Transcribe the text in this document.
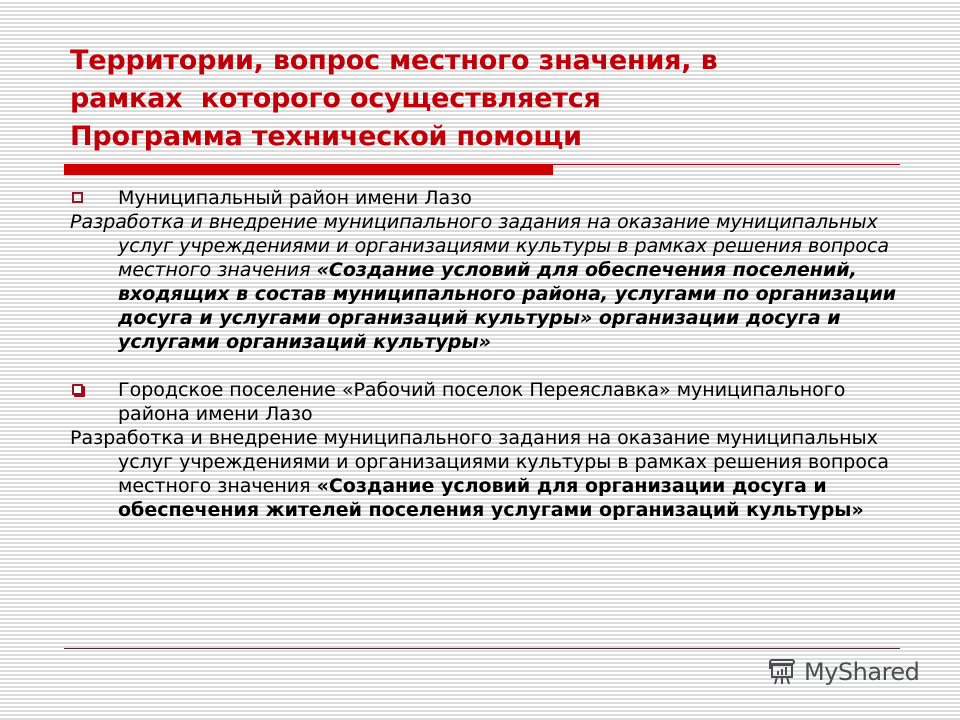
Территории, вопрос местного значения, в
рамках  которого осуществляется
Программа технической помощи
Муниципальный район имени Лазо
Разработка и внедрение муниципального задания на оказание муниципальных услуг учреждениями и организациями культуры в рамках решения вопроса местного значения «Создание условий для обеспечения поселений, входящих в состав муниципального района, услугами по организации досуга и услугами организаций культуры» организации досуга и услугами организаций культуры»
Городское поселение «Рабочий поселок Переяславка» муниципального района имени Лазо
Разработка и внедрение муниципального задания на оказание муниципальных услуг учреждениями и организациями культуры в рамках решения вопроса местного значения «Создание условий для организации досуга и обеспечения жителей поселения услугами организаций культуры»
MyShared
